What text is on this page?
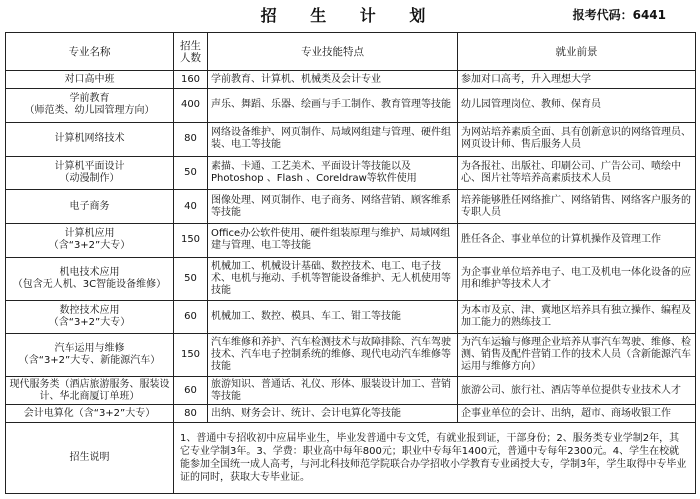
招 生 计 划	报考代码：6441
专业名称	招生人数	专业技能特点	就业前景
对口高中班	160	学前教育、计算机、机械类及会计专业	参加对口高考，升入理想大学
学前教育
（师范类、幼儿园管理方向）	400	声乐、舞蹈、乐器、绘画与手工制作、教育管理等技能	幼儿园管理岗位、教师、保育员
计算机网络技术	80	网络设备维护、网页制作、局域网组建与管理、硬件组装、电工等技能	为网站培养素质全面、具有创新意识的网络管理员、网页设计师、售后服务人员
计算机平面设计
（动漫制作）	50	素描、卡通、工艺美术、平面设计等技能以及Photoshop 、Flash 、Coreldraw等软件使用	为各报社、出版社、印刷公司、广告公司、喷绘中心、图片社等培养高素质技术人员
电子商务	40	图像处理、网页制作、电子商务、网络营销、顾客维系等技能	培养能够胜任网络推广、网络销售、网络客户服务的专职人员
计算机应用
（含“3+2”大专）	150	Office办公软件使用、硬件组装原理与维护、局域网组建与管理、电工等技能	胜任各企、事业单位的计算机操作及管理工作
机电技术应用
（包含无人机、3C智能设备维修）	50	机械加工、机械设计基础、数控技术、电工、电子技术、电机与拖动、手机等智能设备维护、无人机使用等技能	为企事业单位培养电子、电工及机电一体化设备的应用和维护等技术人才
数控技术应用
（含“3+2”大专）	60	机械加工、数控、模具、车工、钳工等技能	为本市及京、津、冀地区培养具有独立操作、编程及加工能力的熟练技工
汽车运用与维修
（含“3+2”大专、新能源汽车）	150	汽车维修和养护、汽车检测技术与故障排除、汽车驾驶技术、汽车电子控制系统的维修、现代电动汽车维修等技能	为汽车运输与修理企业培养从事汽车驾驶、维修、检测、销售及配件营销工作的技术人员（含新能源汽车运用与维修方向）
现代服务类（酒店旅游服务、服装设计、华北商厦订单班）	60	旅游知识、普通话、礼仪、形体、服装设计加工、营销等技能	旅游公司、旅行社、酒店等单位提供专业技术人才
会计电算化（含“3+2”大专）	80	出纳、财务会计、统计、会计电算化等技能	企事业单位的会计、出纳，超市、商场收银工作
招生说明	1、普通中专招收初中应届毕业生，毕业发普通中专文凭，有就业报到证，干部身份；2、服务类专业学制2年，其它专业学制3年。3、学费：职业高中每年800元；职业中专每年1400元，普通中专每年2300元。4、学生在校就能参加全国统一成人高考，与河北科技师范学院联合办学招收小学教育专业函授大专，学制3年，学生取得中专毕业证的同时，获取大专毕业证。		
